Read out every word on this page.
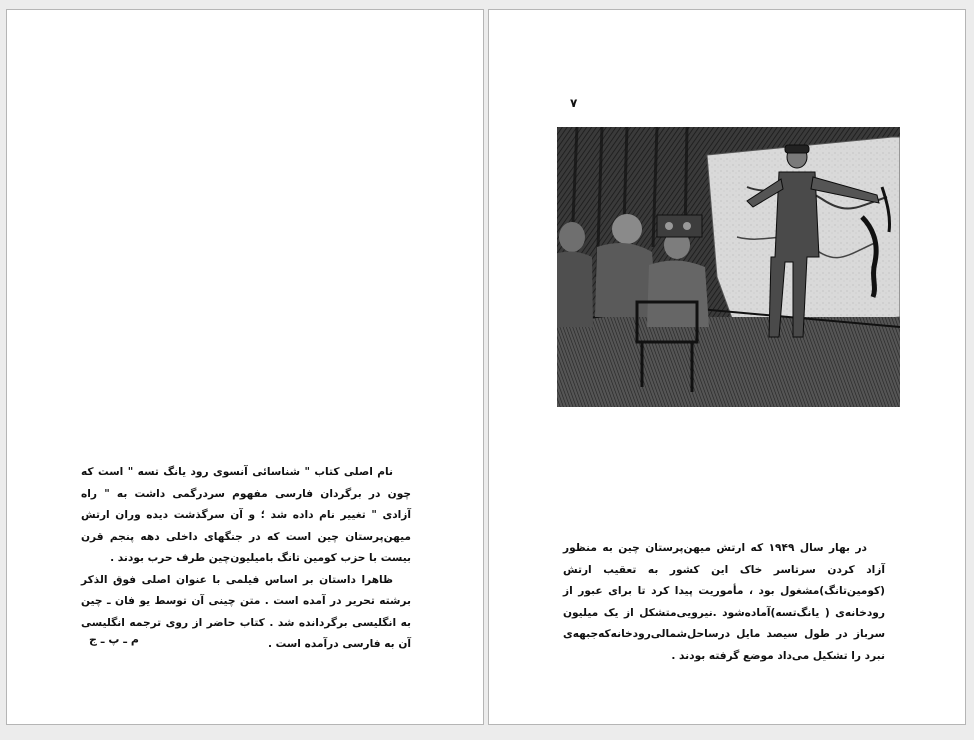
نام اصلی کتاب " شناسائی آنسوی رود یانگ تسه " است که چون در برگردان فارسی مفهوم سردرگمی داشت به " راه آزادی " تغییر نام داده شد ؛ و آن سرگذشت دیده وران ارتش میهن‌پرستان چین است که در جنگهای داخلی دهه پنجم قرن بیست با حزب کومین تانگ بامیلیون‌چین طرف حرب بودند .

ظاهرا داستان بر اساس فیلمی با عنوان اصلی فوق الذکر برشته تحریر در آمده است . متن چینی آن توسط یو فان ـ چین به انگلیسی برگردانده شد . کتاب حاضر از روی ترجمه انگلیسی آن به فارسی درآمده است .

م ـ پ ـ ج
۷

در بهار سال ۱۹۴۹ که ارتش میهن‌پرستان چین به منظور آزاد کردن سرتاسر خاک این کشور به تعقیب ارتش (کومین‌تانگ)مشغول بود ، مأموریت پیدا کرد تا برای عبور از رودخانه‌ی ( یانگ‌تسه)آماده‌شود .نیرویی‌متشکل از یک میلیون سرباز در طول سیصد مایل درساحل‌شمالی‌رودخانه‌که‌جبهه‌ی نبرد را تشکیل می‌داد موضع گرفته بودند .
